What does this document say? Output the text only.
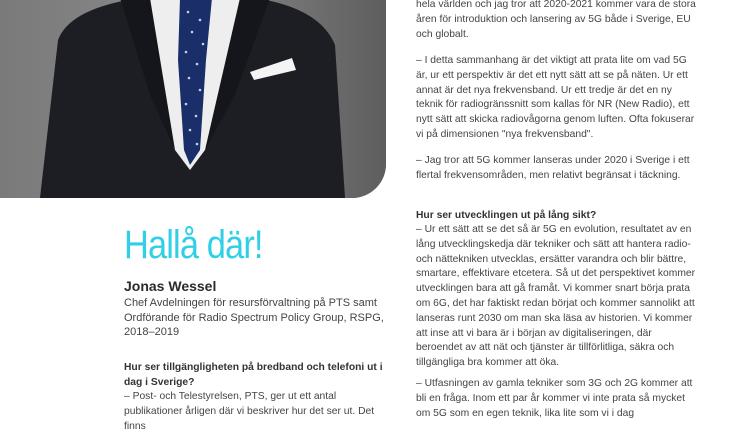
Hallå där!
Jonas Wessel

Chef Avdelningen för resursförvaltning på PTS samt Ordförande för Radio Spectrum Policy Group, RSPG, 2018–2019

Hur ser tillgängligheten på bredband och telefoni ut i dag i Sverige?

– Post- och Telestyrelsen, PTS, ger ut ett antal publikationer årligen där vi beskriver hur det ser ut. Det finns

hela världen och jag tror att 2020-2021 kommer vara de stora åren för introduktion och lansering av 5G både i Sverige, EU och globalt.

– I detta sammanhang är det viktigt att prata lite om vad 5G är, ur ett perspektiv är det ett nytt sätt att se på näten. Ur ett annat är det nya frekvensband. Ur ett tredje är det en ny teknik för radiogränssnitt som kallas för NR (New Radio), ett nytt sätt att skicka radiovågorna genom luften. Ofta fokuserar vi på dimensionen "nya frekvensband".

– Jag tror att 5G kommer lanseras under 2020 i Sverige i ett flertal frekvensområden, men relativt begränsat i täckning.

Hur ser utvecklingen ut på lång sikt?

– Ur ett sätt att se det så är 5G en evolution, resultatet av en lång utvecklingskedja där tekniker och sätt att hantera radio- och nättekniken utvecklas, ersätter varandra och blir bättre, smartare, effektivare etcetera. Så ut det perspektivet kommer utvecklingen bara att gå framåt. Vi kommer snart börja prata om 6G, det har faktiskt redan börjat och kommer sannolikt att lanseras runt 2030 om man ska läsa av historien. Vi kommer att inse att vi bara är i början av digitaliseringen, där beroendet av att nät och tjänster är tillförlitliga, säkra och tillgängliga bra kommer att öka.

– Utfasningen av gamla tekniker som 3G och 2G kommer att bli en fråga. Inom ett par år kommer vi inte prata så mycket om 5G som en egen teknik, lika lite som vi i dag
